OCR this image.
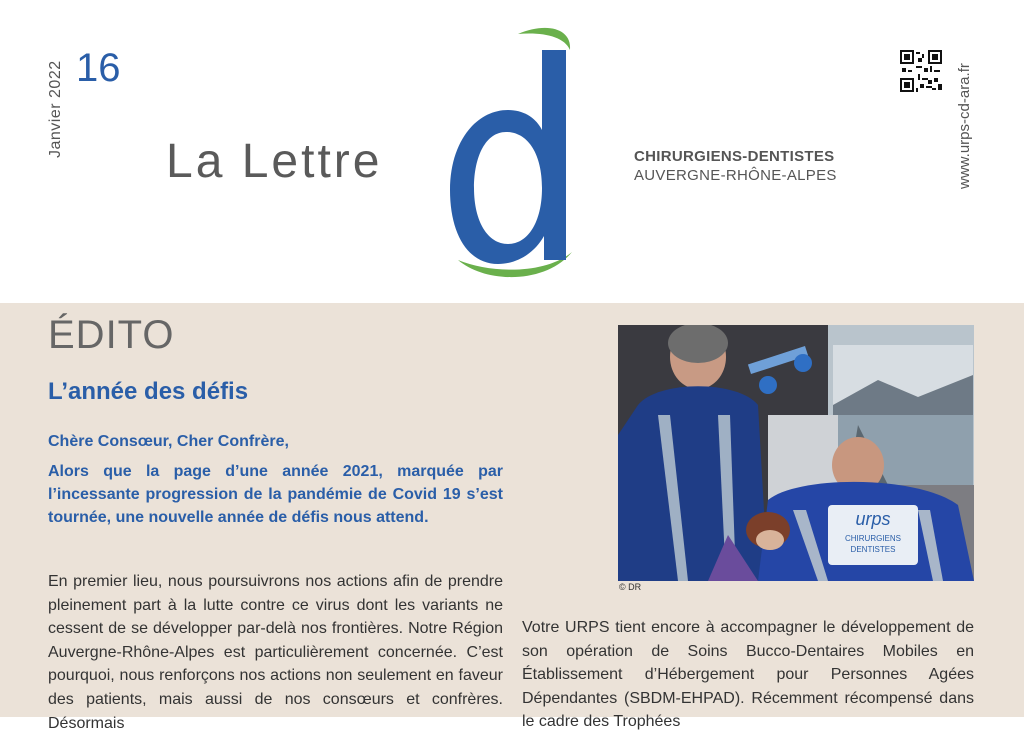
Janvier 2022 16
La Lettre	CHIRURGIENS-DENTISTES
AUVERGNE-RHÔNE-ALPES	www.urps-cd-ara.fr
ÉDITO
L’année des défis
Chère Consœur, Cher Confrère,
Alors que la page d’une année 2021, marquée par l’incessante progression de la pandémie de Covid 19 s’est tournée, une nouvelle année de défis nous attend.
En premier lieu, nous poursuivrons nos actions afin de prendre pleinement part à la lutte contre ce virus dont les variants ne cessent de se développer par-delà nos frontières. Notre Région Auvergne-Rhône-Alpes est particulièrement concernée. C’est pourquoi, nous renforçons nos actions non seulement en faveur des patients, mais aussi de nos consœurs et confrères. Désormais
Votre URPS tient encore à accompagner le développement de son opération de Soins Bucco-Dentaires Mobiles en Établissement d’Hébergement pour Personnes Agées Dépendantes (SBDM-EHPAD). Récemment récompensé dans le cadre des Trophées
urps
CHIRURGIENS
DENTISTES
© DR
